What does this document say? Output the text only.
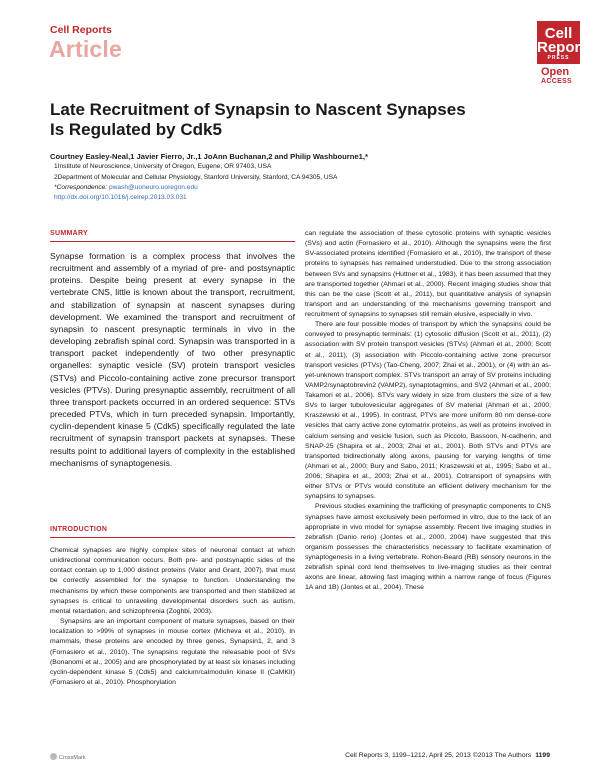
Cell Reports
Article
Cell
Reports
PRESS
Open
ACCESS
Late Recruitment of Synapsin to Nascent Synapses
Is Regulated by Cdk5
Courtney Easley-Neal,1 Javier Fierro, Jr.,1 JoAnn Buchanan,2 and Philip Washbourne1,*
1Institute of Neuroscience, University of Oregon, Eugene, OR 97403, USA
2Department of Molecular and Cellular Physiology, Stanford University, Stanford, CA 94305, USA
*Correspondence: pwash@uoneuro.uoregon.edu
http://dx.doi.org/10.1016/j.celrep.2013.03.031
SUMMARY
Synapse formation is a complex process that involves the recruitment and assembly of a myriad of pre- and postsynaptic proteins. Despite being present at every synapse in the vertebrate CNS, little is known about the transport, recruitment, and stabilization of synapsin at nascent synapses during development. We examined the transport and recruitment of synapsin to nascent presynaptic terminals in vivo in the developing zebrafish spinal cord. Synapsin was transported in a transport packet independently of two other presynaptic organelles: synaptic vesicle (SV) protein transport vesicles (STVs) and Piccolo-containing active zone precursor transport vesicles (PTVs). During presynaptic assembly, recruitment of all three transport packets occurred in an ordered sequence: STVs preceded PTVs, which in turn preceded synapsin. Importantly, cyclin-dependent kinase 5 (Cdk5) specifically regulated the late recruitment of synapsin transport packets at synapses. These results point to additional layers of complexity in the established mechanisms of synaptogenesis.
INTRODUCTION

Chemical synapses are highly complex sites of neuronal contact at which unidirectional communication occurs. Both pre- and postsynaptic sides of the contact contain up to 1,000 distinct proteins (Valor and Grant, 2007), that must be correctly assembled for the synapse to function. Understanding the mechanisms by which these components are transported and then stabilized at synapses is critical to unraveling developmental disorders such as autism, mental retardation, and schizophrenia (Zoghbi, 2003).

Synapsins are an important component of mature synapses, based on their localization to >99% of synapses in mouse cortex (Micheva et al., 2010). In mammals, these proteins are encoded by three genes, Synapsin1, 2, and 3 (Fornasiero et al., 2010). The synapsins regulate the releasable pool of SVs (Bonanomi et al., 2005) and are phosphorylated by at least six kinases including cyclin-dependent kinase 5 (Cdk5) and calcium/calmodulin kinase II (CaMKII) (Fornasiero et al., 2010). Phosphorylation

can regulate the association of these cytosolic proteins with synaptic vesicles (SVs) and actin (Fornasiero et al., 2010). Although the synapsins were the first SV-associated proteins identified (Fornasiero et al., 2010), the transport of these proteins to synapses has remained understudied. Due to the strong association between SVs and synapsins (Huttner et al., 1983), it has been assumed that they are transported together (Ahmari et al., 2000). Recent imaging studies show that this can be the case (Scott et al., 2011), but quantitative analysis of synapsin transport and an understanding of the mechanisms governing transport and recruitment of synapsins to synapses still remain elusive, especially in vivo.

There are four possible modes of transport by which the synapsins could be conveyed to presynaptic terminals: (1) cytosolic diffusion (Scott et al., 2011), (2) association with SV protein transport vesicles (STVs) (Ahmari et al., 2000; Scott et al., 2011), (3) association with Piccolo-containing active zone precursor transport vesicles (PTVs) (Tao-Cheng, 2007; Zhai et al., 2001), or (4) with an as-yet-unknown transport complex. STVs transport an array of SV proteins including VAMP2/synaptobrevin2 (VAMP2), synaptotagmins, and SV2 (Ahmari et al., 2000; Takamori et al., 2006). STVs vary widely in size from clusters the size of a few SVs to larger tubulovesicular aggregates of SV material (Ahmari et al., 2000; Kraszewski et al., 1995). In contrast, PTVs are more uniform 80 nm dense-core vesicles that carry active zone cytomatrix proteins, as well as proteins involved in calcium sensing and vesicle fusion, such as Piccolo, Bassoon, N-cadherin, and SNAP-25 (Shapira et al., 2003; Zhai et al., 2001). Both STVs and PTVs are transported bidirectionally along axons, pausing for varying lengths of time (Ahmari et al., 2000; Bury and Sabo, 2011; Kraszewski et al., 1995; Sabo et al., 2006; Shapira et al., 2003; Zhai et al., 2001). Cotransport of synapsins with either STVs or PTVs would constitute an efficient delivery mechanism for the synapsins to synapses.

Previous studies examining the trafficking of presynaptic components to CNS synapses have almost exclusively been performed in vitro, due to the lack of an appropriate in vivo model for synapse assembly. Recent live imaging studies in zebrafish (Danio rerio) (Jontes et al., 2000, 2004) have suggested that this organism possesses the characteristics necessary to facilitate examination of synaptogenesis in a living vertebrate. Rohon-Beard (RB) sensory neurons in the zebrafish spinal cord lend themselves to live-imaging studies as their central axons are linear, allowing fast imaging within a narrow range of focus (Figures 1A and 1B) (Jontes et al., 2004). These

CrossMark	Cell Reports 3, 1199–1212, April 25, 2013 ©2013 The Authors 1199
